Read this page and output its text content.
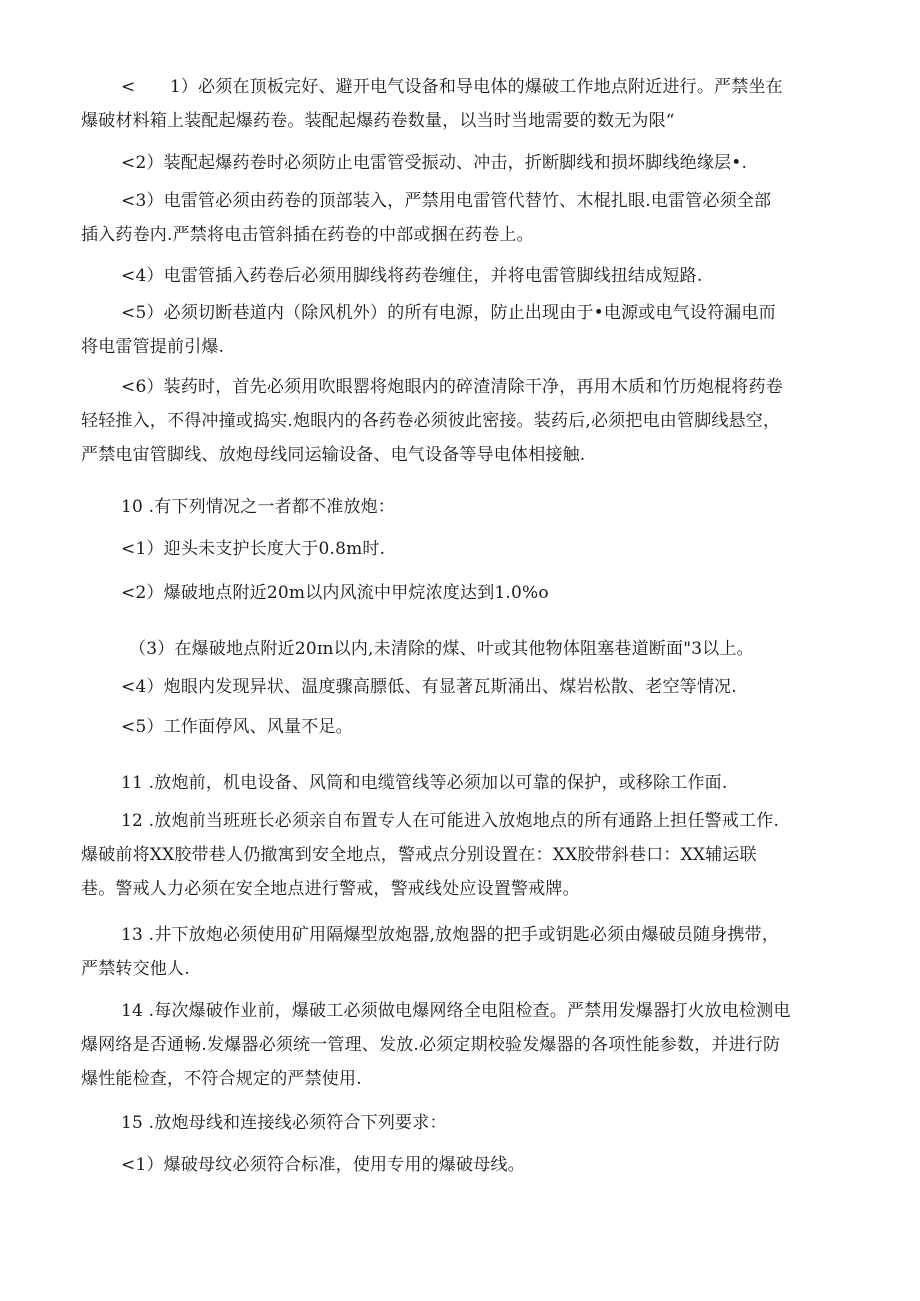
<　　1）必须在顶板完好、避开电气设备和导电体的爆破工作地点附近进行。严禁坐在
爆破材料箱上装配起爆药卷。装配起爆药卷数量，以当时当地需要的数无为限“
<2）装配起爆药卷时必须防止电雷管受振动、冲击，折断脚线和损坏脚线绝缘层•.
<3）电雷管必须由药卷的顶部装入，严禁用电雷管代替竹、木棍扎眼.电雷管必须全部
插入药卷内.严禁将电击管斜插在药卷的中部或捆在药卷上。
<4）电雷管插入药卷后必须用脚线将药卷缠住，并将电雷管脚线扭结成短路.
<5）必须切断巷道内（除风机外）的所有电源，防止出现由于•电源或电气设符漏电而
将电雷管提前引爆.
<6）装药时，首先必须用吹眼罂将炮眼内的碎渣清除干净，再用木质和竹历炮棍将药卷
轻轻推入，不得冲撞或捣实.炮眼内的各药卷必须彼此密接。装药后,必须把电由管脚线悬空，
严禁电宙管脚线、放炮母线同运输设备、电气设备等导电体相接触.
10 .有下列情况之一者都不准放炮：
<1）迎头未支护长度大于0.8m时.
<2）爆破地点附近20m以内风流中甲烷浓度达到1.0%o
（3）在爆破地点附近20ɪn以内,未清除的煤、叶或其他物体阻塞巷道断面"3以上。
<4）炮眼内发现异状、温度骤高膘低、有显著瓦斯涌出、煤岩松散、老空等情况.
<5）工作面停风、风量不足。
11 .放炮前，机电设备、风筒和电缆管线等必须加以可靠的保护，或移除工作面.
12 .放炮前当班班长必须亲自布置专人在可能进入放炮地点的所有通路上担任警戒工作.
爆破前将XX胶带巷人仍撤寓到安全地点，警戒点分别设置在：XX胶带斜巷口：XX辅运联
巷。警戒人力必须在安全地点进行警戒，警戒线处应设置警戒牌。
13 .井下放炮必须使用矿用隔爆型放炮器,放炮器的把手或钥匙必须由爆破员随身携带，
严禁转交他人.
14 .每次爆破作业前，爆破工必须做电爆网络全电阻检查。严禁用发爆器打火放电检测电
爆网络是否通畅.发爆器必须统一管理、发放.必须定期校验发爆器的各项性能参数，并进行防
爆性能检查，不符合规定的严禁使用.
15 .放炮母线和连接线必须符合下列要求：
<1）爆破母纹必须符合标准，使用专用的爆破母线。
